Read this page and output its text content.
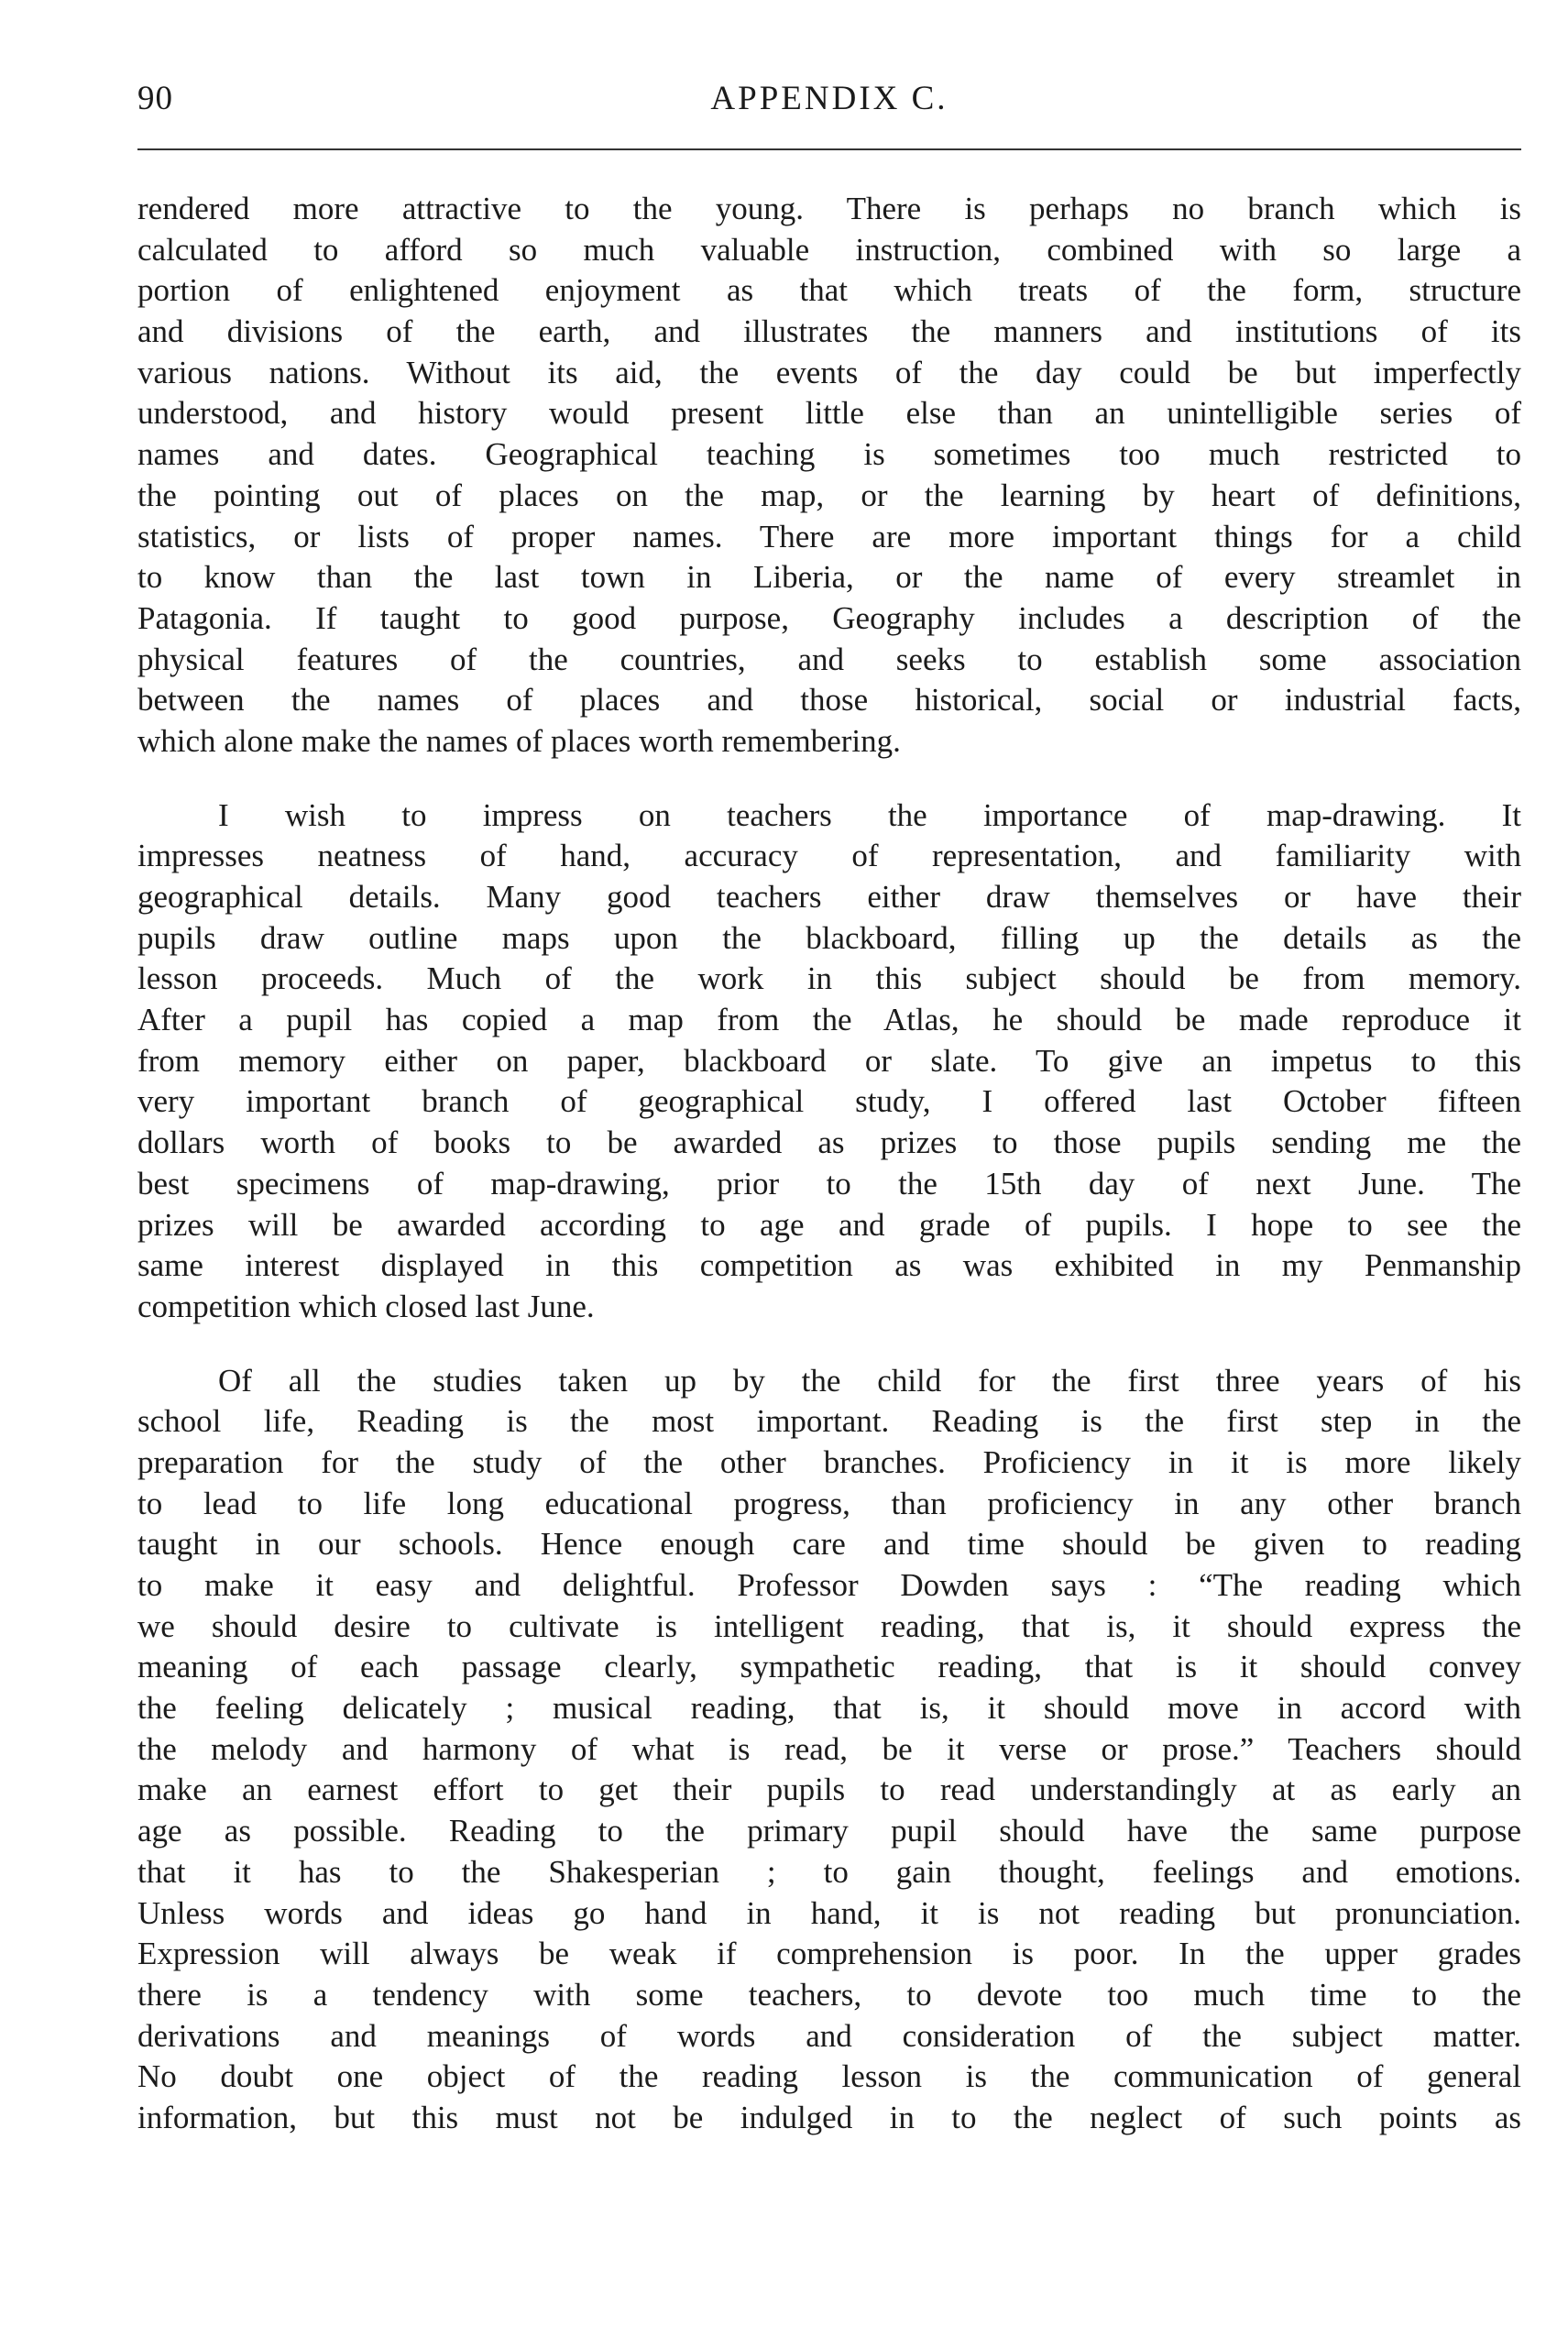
90	APPENDIX C.

rendered more attractive to the young. There is perhaps no branch which is
calculated to afford so much valuable instruction, combined with so large a
portion of enlightened enjoyment as that which treats of the form, structure
and divisions of the earth, and illustrates the manners and institutions of its
various nations. Without its aid, the events of the day could be but imperfectly
understood, and history would present little else than an unintelligible series of
names and dates. Geographical teaching is sometimes too much restricted to
the pointing out of places on the map, or the learning by heart of definitions,
statistics, or lists of proper names. There are more important things for a child
to know than the last town in Liberia, or the name of every streamlet in
Patagonia. If taught to good purpose, Geography includes a description of the
physical features of the countries, and seeks to establish some association
between the names of places and those historical, social or industrial facts,
which alone make the names of places worth remembering.

I wish to impress on teachers the importance of map-drawing. It
impresses neatness of hand, accuracy of representation, and familiarity with
geographical details. Many good teachers either draw themselves or have their
pupils draw outline maps upon the blackboard, filling up the details as the
lesson proceeds. Much of the work in this subject should be from memory.
After a pupil has copied a map from the Atlas, he should be made reproduce it
from memory either on paper, blackboard or slate. To give an impetus to this
very important branch of geographical study, I offered last October fifteen
dollars worth of books to be awarded as prizes to those pupils sending me the
best specimens of map-drawing, prior to the 15th day of next June. The
prizes will be awarded according to age and grade of pupils. I hope to see the
same interest displayed in this competition as was exhibited in my Penmanship
competition which closed last June.

Of all the studies taken up by the child for the first three years of his
school life, Reading is the most important. Reading is the first step in the
preparation for the study of the other branches. Proficiency in it is more likely
to lead to life long educational progress, than proficiency in any other branch
taught in our schools. Hence enough care and time should be given to reading
to make it easy and delightful. Professor Dowden says : “The reading which
we should desire to cultivate is intelligent reading, that is, it should express the
meaning of each passage clearly, sympathetic reading, that is it should convey
the feeling delicately ; musical reading, that is, it should move in accord with
the melody and harmony of what is read, be it verse or prose.” Teachers should
make an earnest effort to get their pupils to read understandingly at as early an
age as possible. Reading to the primary pupil should have the same purpose
that it has to the Shakesperian ; to gain thought, feelings and emotions.
Unless words and ideas go hand in hand, it is not reading but pronunciation.
Expression will always be weak if comprehension is poor. In the upper grades
there is a tendency with some teachers, to devote too much time to the
derivations and meanings of words and consideration of the subject matter.
No doubt one object of the reading lesson is the communication of general
information, but this must not be indulged in to the neglect of such points as
